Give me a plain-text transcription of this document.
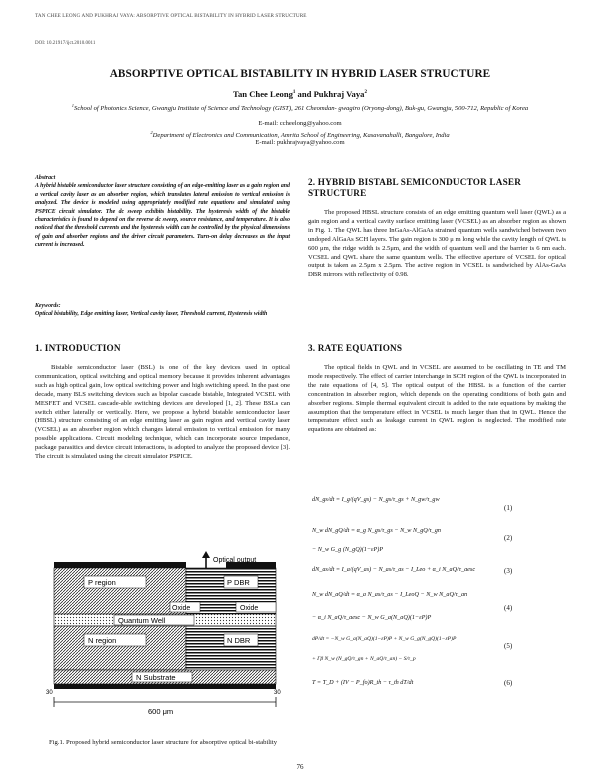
TAN CHEE LEONG AND PUKHRAJ VAYA: ABSORPTIVE OPTICAL BISTABILITY IN HYBRID LASER STRUCTURE
DOI: 10.21917/ijct.2010.0011
ABSORPTIVE OPTICAL BISTABILITY IN HYBRID LASER STRUCTURE
Tan Chee Leong$^1$ and Pukhraj Vaya$^2$
$^1$School of Photonics Science, Gwangju Institute of Science and Technology (GIST), 261 Cheomdan- gwagiro (Oryong-dong), Buk-gu, Gwangju, 500-712, Republic of Korea
E-mail: ccheelong@yahoo.com
$^2$Department of Electronics and Communication, Amrita School of Engineering, Kasavanahalli, Bangalore, India
E-mail: pukhrajvaya@yahoo.com
Abstract
A hybrid bistable semiconductor laser structure consisting of an edge-emitting laser as a gain region and a vertical cavity laser as an absorber region, which translates lateral emission to vertical emission is analyzed. The device is modeled using appropriately modified rate equations and simulated using PSPICE circuit simulator. The dc sweep exhibits bistability. The hysteresis width of the bistable characteristics is found to depend on the reverse dc sweep, source resistance, and temperature. It is also noticed that the threshold currents and the hysteresis width can be controlled by the physical dimensions of gain and absorber regions and the driver circuit parameters. Turn-on delay decreases as the input current is increased.
Keywords:
Optical bistability, Edge emitting laser, Vertical cavity laser, Threshold current, Hysteresis width
1. INTRODUCTION
Bistable semiconductor laser (BSL) is one of the key devices used in optical communication, optical switching and optical memory because it provides inherent advantages such as high optical gain, low optical switching power and high switching speed. In the past one decade, many BLS switching devices such as bipolar cascade bistable, Integrated VCSEL with MESFET and VCSEL cascade-able switching devices are developed [1, 2]. These BSLs can switch either laterally or vertically. Here, we propose a hybrid bistable semiconductor laser (HBSL) structure consisting of an edge emitting laser as gain region and vertical cavity laser (VCSEL) as an absorber region which changes lateral emission to vertical emission for many possible applications. Circuit modeling technique, which can incorporate source impedance, package parasitics and device circuit interactions, is adopted to analyze the proposed device [3]. The circuit is simulated using the circuit simulator PSPICE.
Optical output
P region	P DBR
Oxide	Oxide
Quantum Well
N region	N DBR
N Substrate
30	30
600 μm
Fig.1. Proposed hybrid semiconductor laser structure for absorptive optical bi-stability
2. HYBRID BISTABL SEMICONDUCTOR LASER STRUCTURE
The proposed HBSL structure consists of an edge emitting quantum well laser (QWL) as a gain region and a vertical cavity surface emitting laser (VCSEL) as an absorber region as shown in Fig. 1. The QWL has three InGaAs-AlGaAs strained quantum wells sandwiched between two undoped AlGaAs SCH layers. The gain region is 300 μ m long while the cavity length of QWL is 600 μm, the ridge width is 2.5μm, and the width of quantum well and the barrier is 6 nm each. VCSEL and QWL share the same quantum wells. The effective aperture of VCSEL for optical output is taken as 2.5μm x 2.5μm. The active region in VCSEL is sandwiched by AlAs-GaAs DBR mirrors with reflectivity of 0.98.
3. RATE EQUATIONS
The optical fields in QWL and in VCSEL are assumed to be oscillating in TE and TM mode respectively. The effect of carrier interchange in SCH region of the QWL is incorporated in the rate equations of [4, 5]. The optical output of the HBSL is a function of the carrier concentration in absorber region, which depends on the operating conditions of both gain and absorber regions. Simple thermal equivalent circuit is added to the rate equations by making the assumption that the temperature effect in VCSEL is much larger than that in QWL. Hence the temperature effect such as leakage current in QWL region is neglected. The modified rate equations are obtained as:
dN_gs/dt = I_g/(qV_gs) − N_gs/τ_gs + N_gw/τ_gw
(1)
N_w dN_gQ/dt = α_g N_gs/τ_gs − N_w N_gQ/τ_gn
(2)
− N_w G_g (N_gQ)(1−εP)P
dN_as/dt = I_a/(qV_as) − N_as/τ_as − I_Leo + α_i N_aQ/τ_aesc	(3)
N_w dN_aQ/dt = α_a N_as/τ_as − I_LeoQ − N_w N_aQ/τ_an
(4)
− α_i N_aQ/τ_aesc − N_w G_a(N_aQ)(1−εP)P
dP/dt = −N_w G_a(N_aQ)(1−εP)P + N_w G_g(N_gQ)(1−εP)P
(5)
+ Γβ N_w (N_gQ/τ_gn + N_aQ/τ_an) − S/τ_p
T = T_D + (IV − P_fo)R_th − τ_th dT/dt	(6)
76
